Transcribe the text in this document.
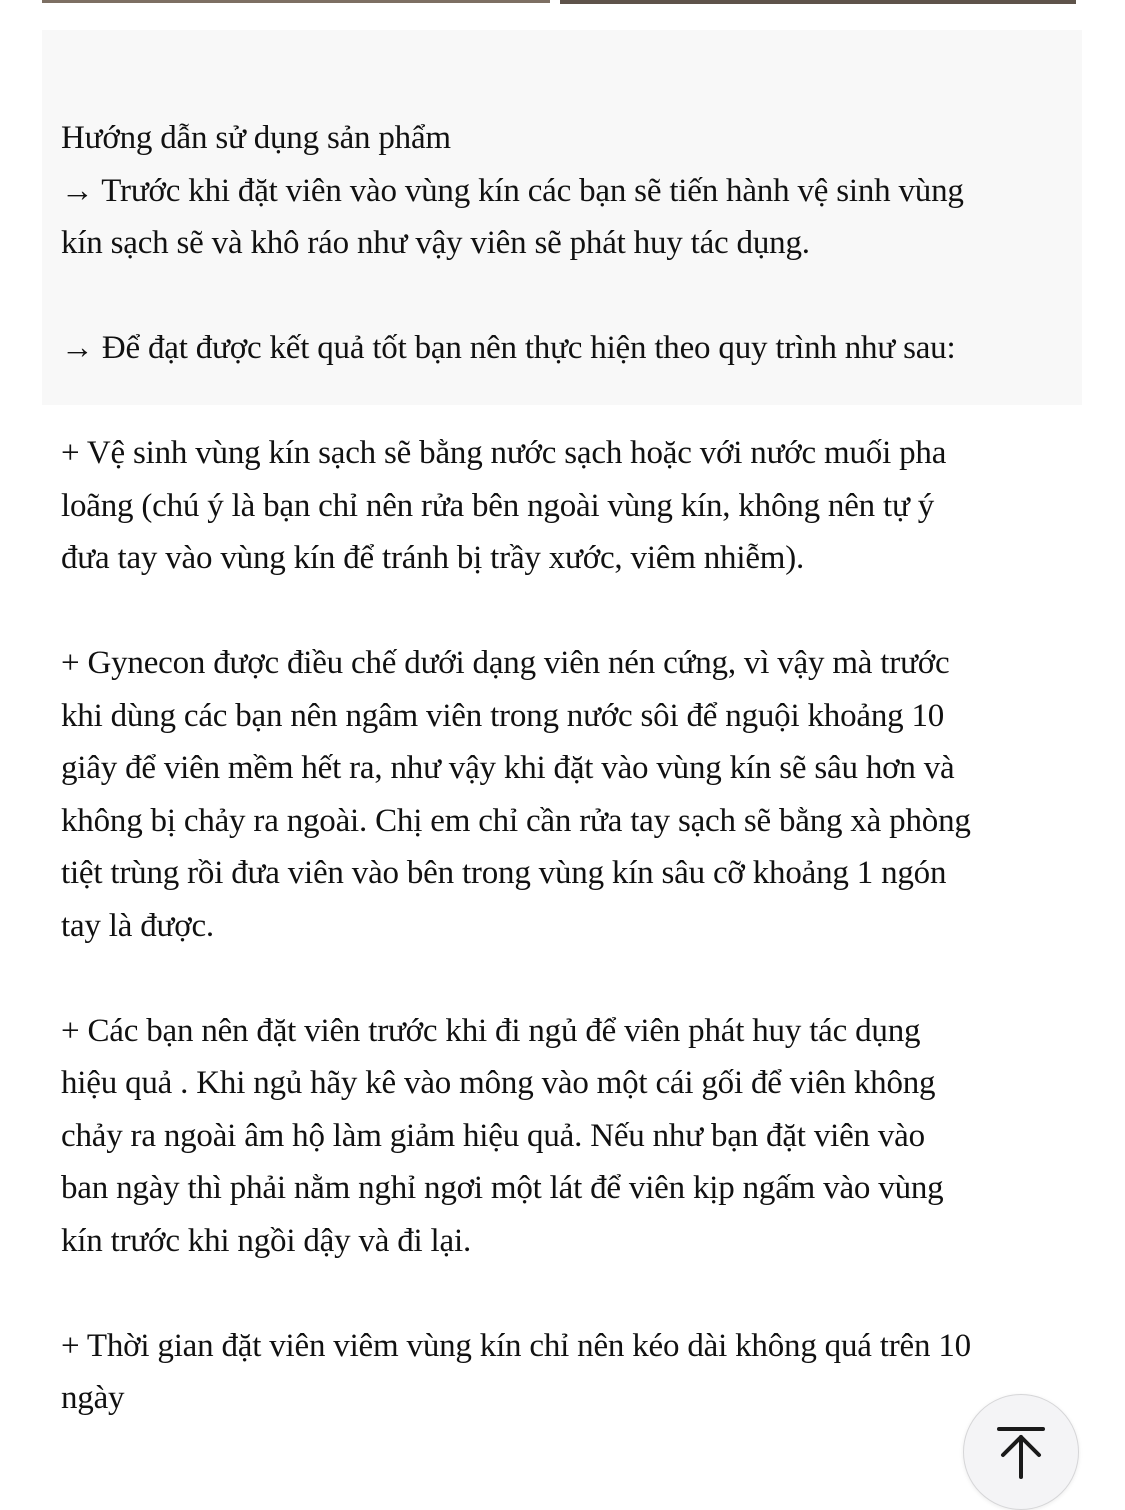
Hướng dẫn sử dụng sản phẩm
→ Trước khi đặt viên vào vùng kín các bạn sẽ tiến hành vệ sinh vùng
kín sạch sẽ và khô ráo như vậy viên sẽ phát huy tác dụng.
→ Để đạt được kết quả tốt bạn nên thực hiện theo quy trình như sau:
+ Vệ sinh vùng kín sạch sẽ bằng nước sạch hoặc với nước muối pha
loãng (chú ý là bạn chỉ nên rửa bên ngoài vùng kín, không nên tự ý
đưa tay vào vùng kín để tránh bị trầy xước, viêm nhiễm).
+ Gynecon được điều chế dưới dạng viên nén cứng, vì vậy mà trước
khi dùng các bạn nên ngâm viên trong nước sôi để nguội khoảng 10
giây để viên mềm hết ra, như vậy khi đặt vào vùng kín sẽ sâu hơn và
không bị chảy ra ngoài. Chị em chỉ cần rửa tay sạch sẽ bằng xà phòng
tiệt trùng rồi đưa viên vào bên trong vùng kín sâu cỡ khoảng 1 ngón
tay là được.
+ Các bạn nên đặt viên trước khi đi ngủ để viên phát huy tác dụng
hiệu quả . Khi ngủ hãy kê vào mông vào một cái gối để viên không
chảy ra ngoài âm hộ làm giảm hiệu quả. Nếu như bạn đặt viên vào
ban ngày thì phải nằm nghỉ ngơi một lát để viên kịp ngấm vào vùng
kín trước khi ngồi dậy và đi lại.
+ Thời gian đặt viên viêm vùng kín chỉ nên kéo dài không quá trên 10
ngày
